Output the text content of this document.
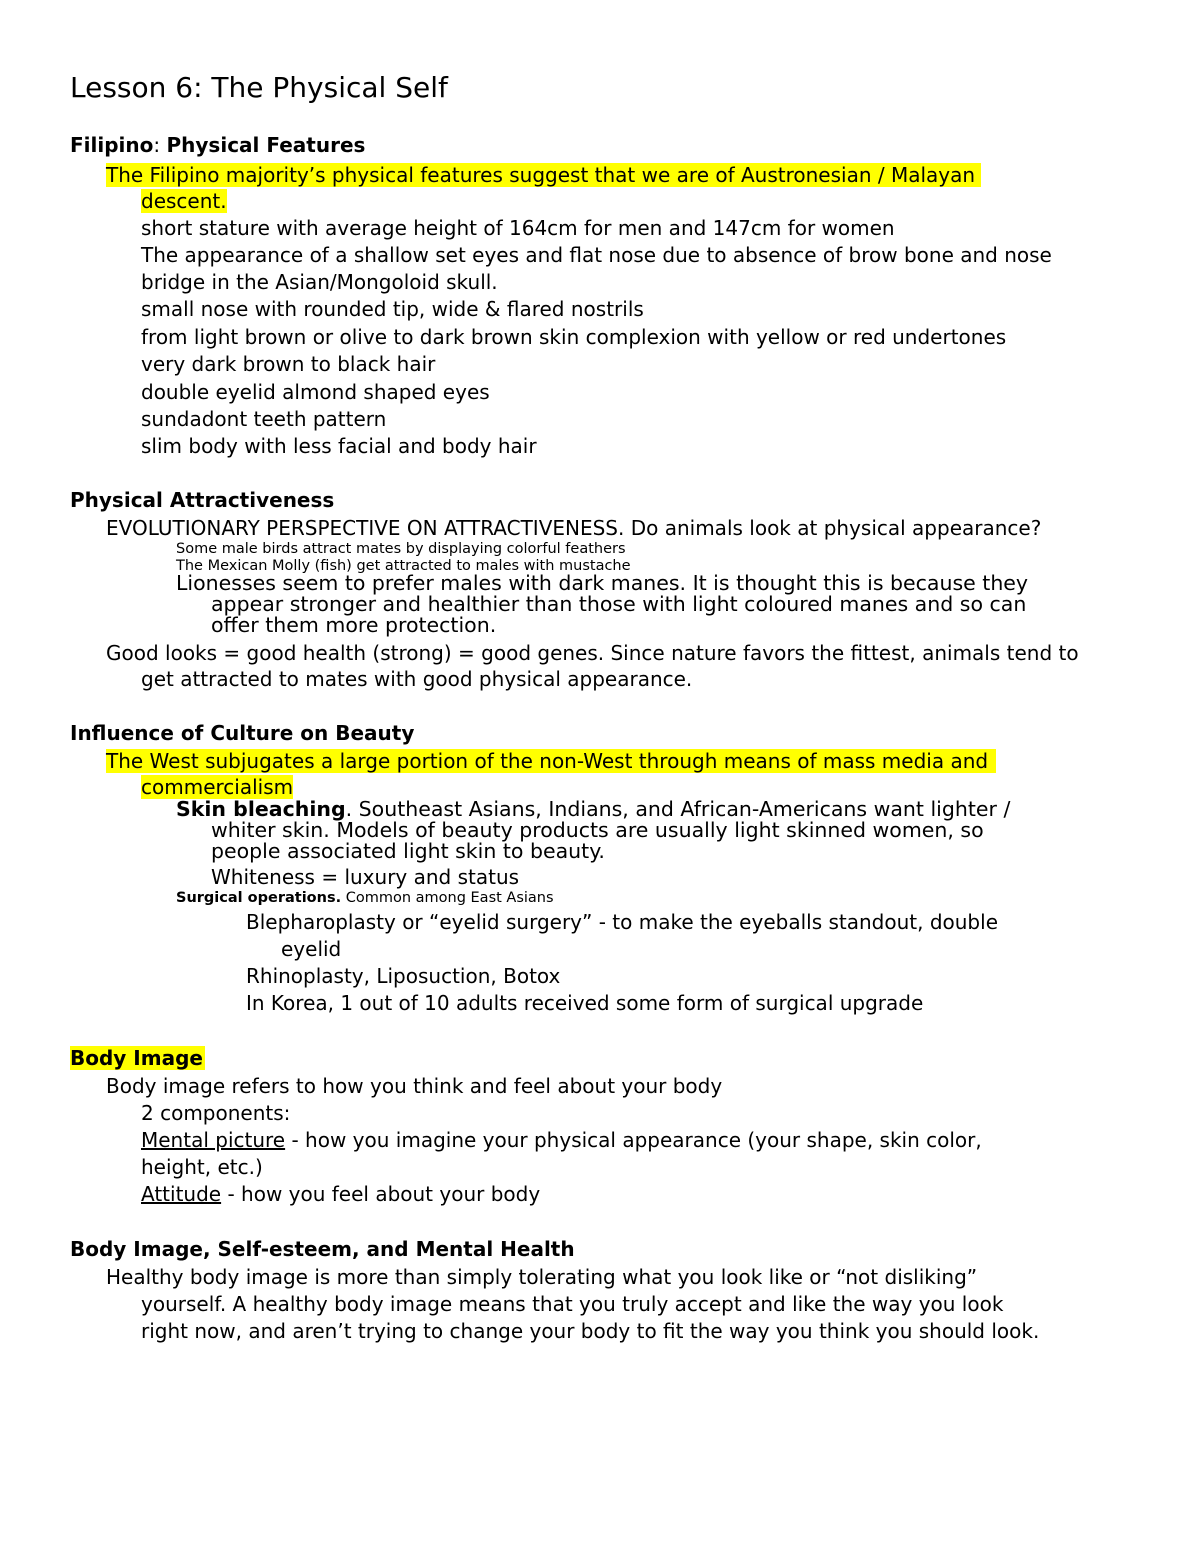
Lesson 6: The Physical Self
Filipino: Physical Features
The Filipino majority’s physical features suggest that we are of Austronesian / Malayan
descent.
short stature with average height of 164cm for men and 147cm for women
The appearance of a shallow set eyes and flat nose due to absence of brow bone and nose
bridge in the Asian/Mongoloid skull.
small nose with rounded tip, wide & flared nostrils
from light brown or olive to dark brown skin complexion with yellow or red undertones
very dark brown to black hair
double eyelid almond shaped eyes
sundadont teeth pattern
slim body with less facial and body hair
Physical Attractiveness
EVOLUTIONARY PERSPECTIVE ON ATTRACTIVENESS. Do animals look at physical appearance?
Some male birds attract mates by displaying colorful feathers
The Mexican Molly (fish) get attracted to males with mustache
Lionesses seem to prefer males with dark manes. It is thought this is because they
appear stronger and healthier than those with light coloured manes and so can
offer them more protection.
Good looks = good health (strong) = good genes. Since nature favors the fittest, animals tend to
get attracted to mates with good physical appearance.
Influence of Culture on Beauty
The West subjugates a large portion of the non-West through means of mass media and
commercialism
Skin bleaching. Southeast Asians, Indians, and African-Americans want lighter /
whiter skin. Models of beauty products are usually light skinned women, so
people associated light skin to beauty.
Whiteness = luxury and status
Surgical operations. Common among East Asians
Blepharoplasty or “eyelid surgery” - to make the eyeballs standout, double
eyelid
Rhinoplasty, Liposuction, Botox
In Korea, 1 out of 10 adults received some form of surgical upgrade
Body Image
Body image refers to how you think and feel about your body
2 components:
Mental picture - how you imagine your physical appearance (your shape, skin color,
height, etc.)
Attitude - how you feel about your body
Body Image, Self-esteem, and Mental Health
Healthy body image is more than simply tolerating what you look like or “not disliking”
yourself. A healthy body image means that you truly accept and like the way you look
right now, and aren’t trying to change your body to fit the way you think you should look.
